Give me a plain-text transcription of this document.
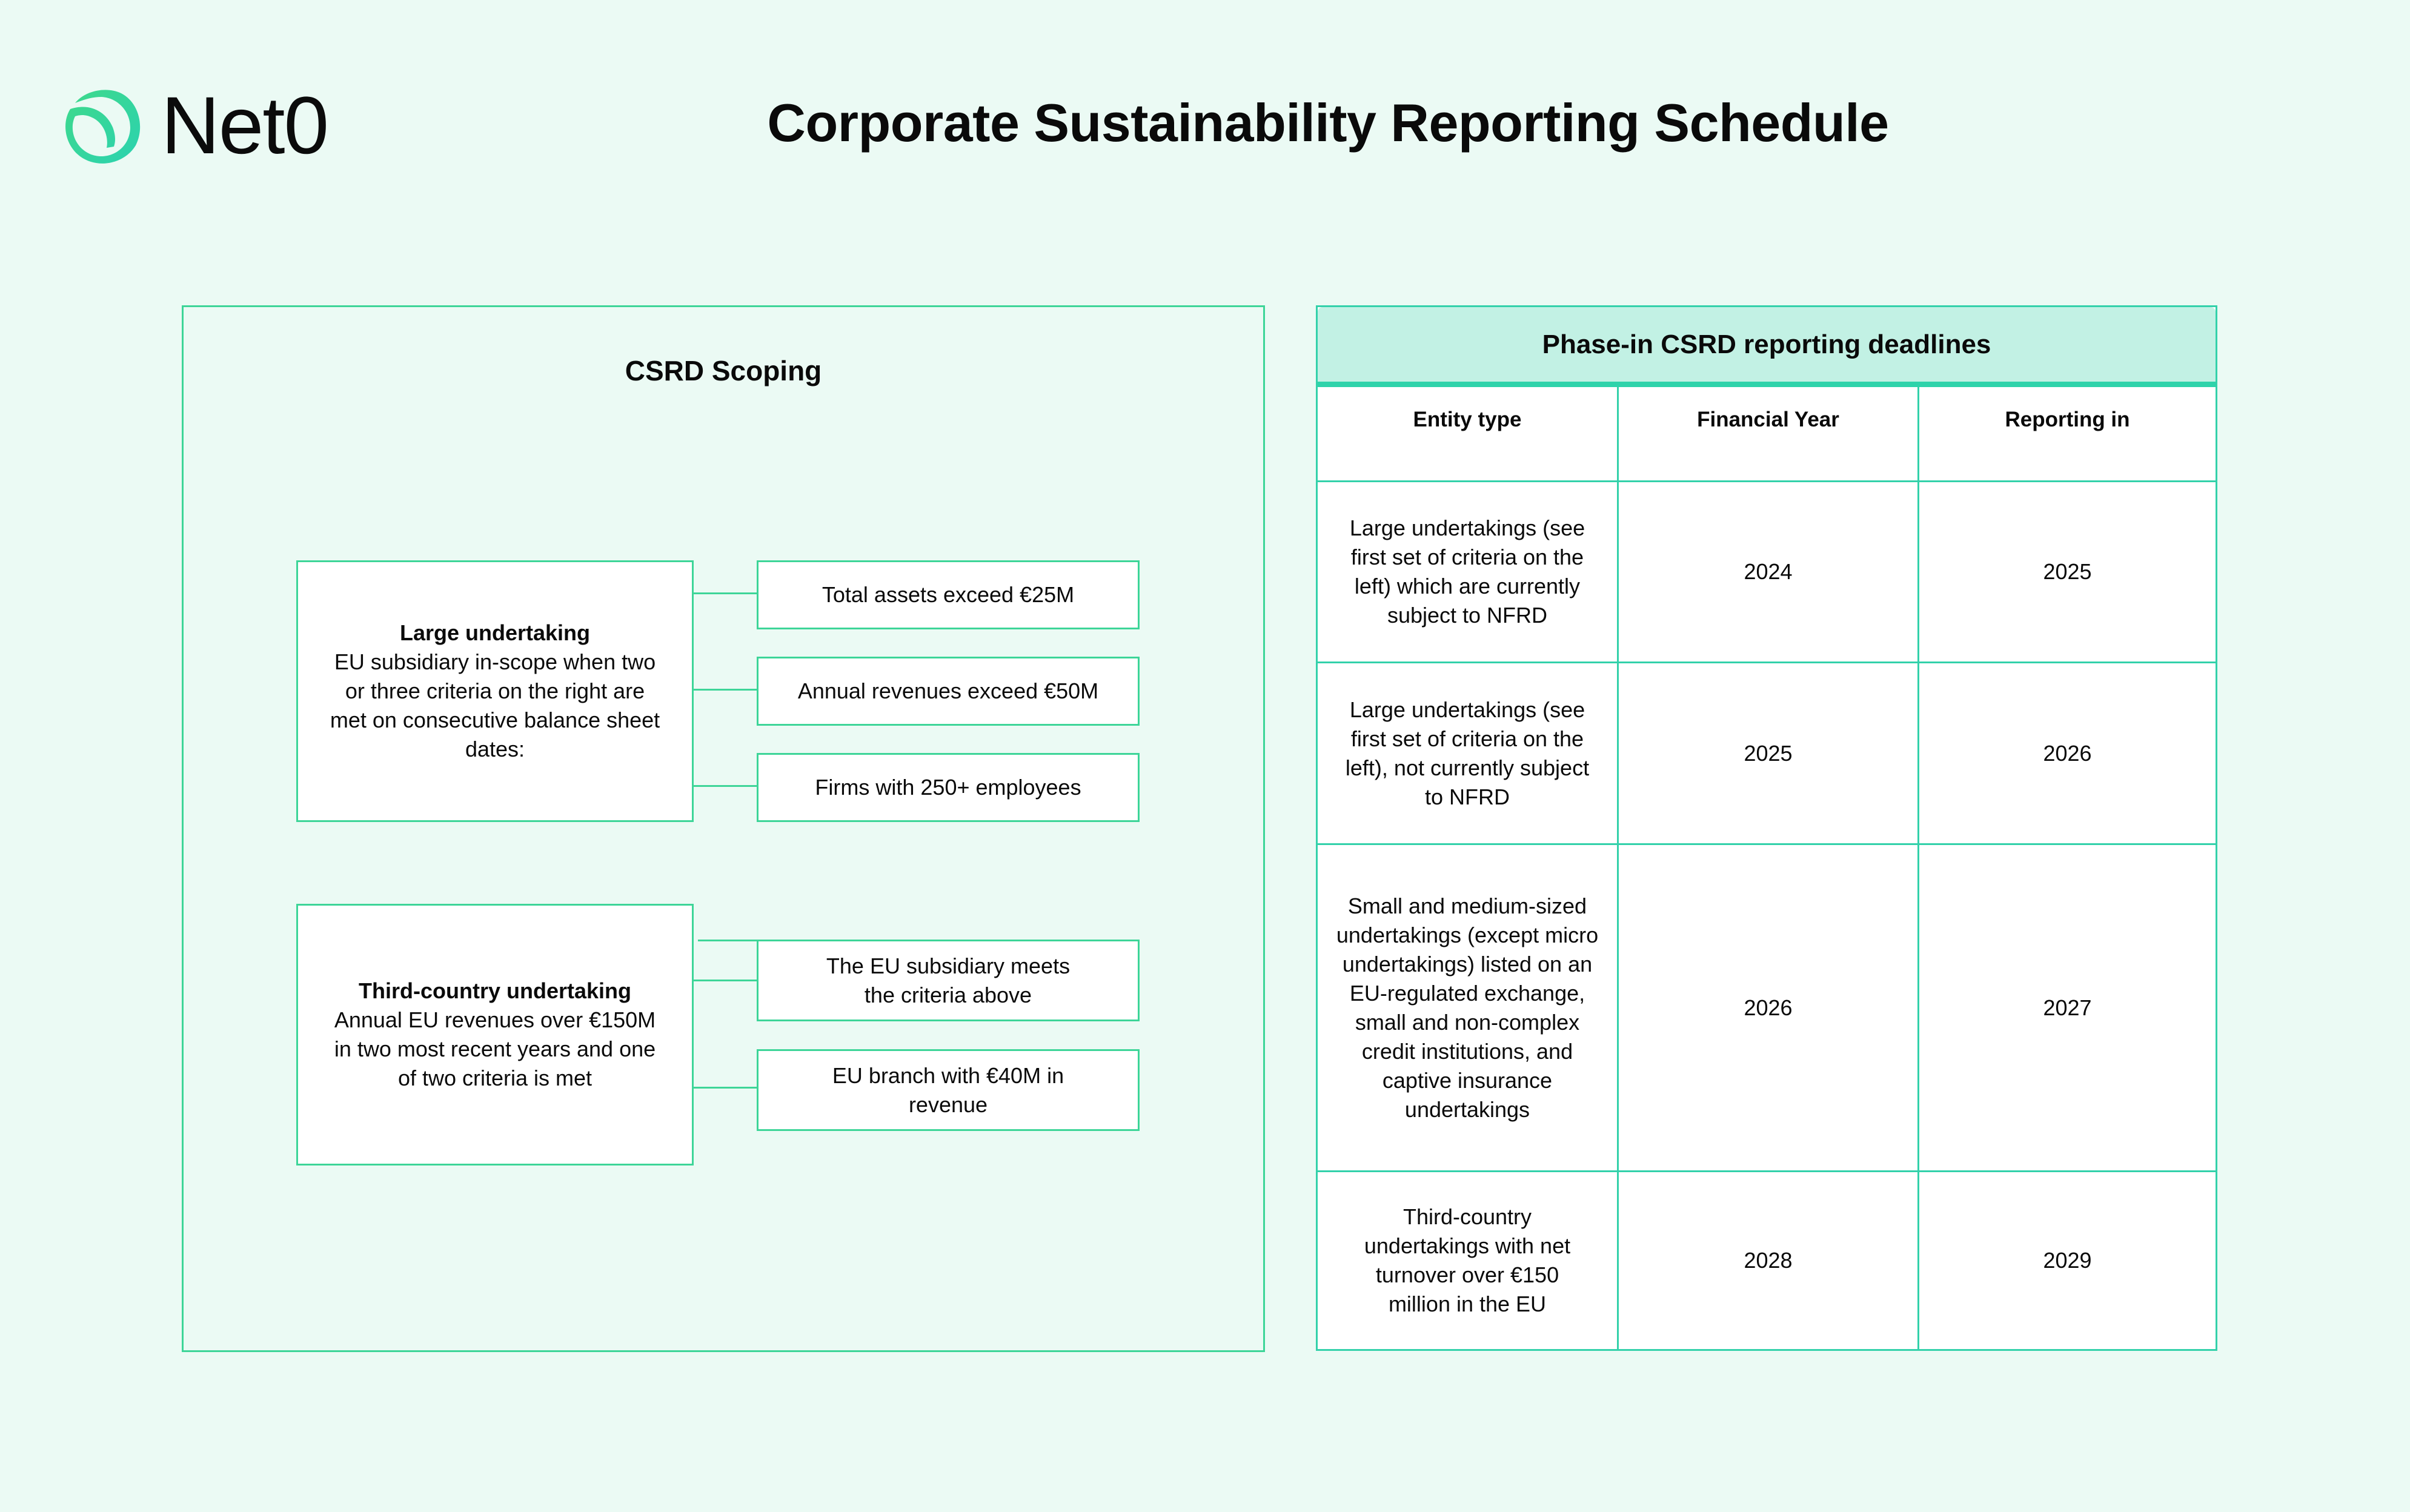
Net0	Corporate Sustainability Reporting Schedule
CSRD Scoping
Large undertaking
EU subsidiary in-scope when two or three criteria on the right are met on consecutive balance sheet dates:
Total assets exceed €25M
Annual revenues exceed €50M
Firms with 250+ employees
Third-country undertaking
Annual EU revenues over €150M in two most recent years and one of two criteria is met
The EU subsidiary meets the criteria above
EU branch with €40M in revenue
Phase-in CSRD reporting deadlines
Entity type	Financial Year	Reporting in
Large undertakings (see first set of criteria on the left) which are currently subject to NFRD
2024	2025
Large undertakings (see first set of criteria on the left), not currently subject to NFRD
2025	2026
Small and medium-sized undertakings (except micro undertakings) listed on an EU-regulated exchange, small and non-complex credit institutions, and captive insurance undertakings
2026	2027
Third-country undertakings with net turnover over €150 million in the EU
2028	2029
